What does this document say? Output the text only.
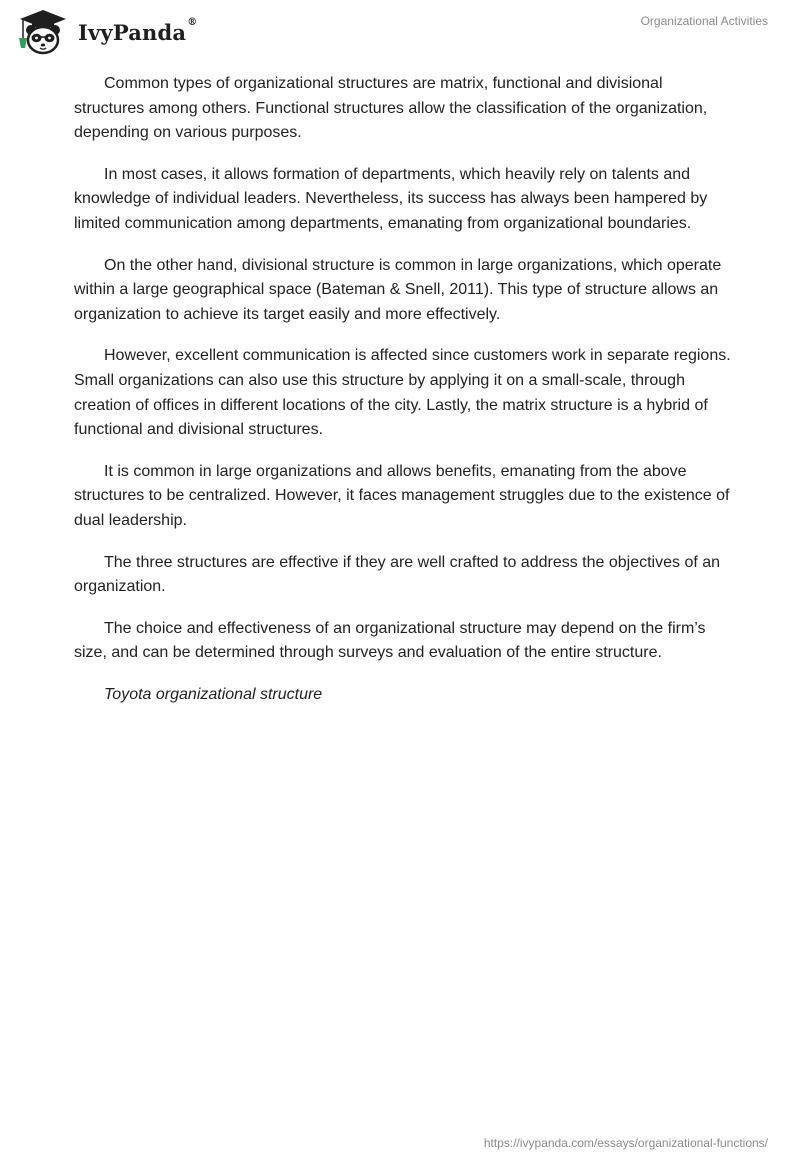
IvyPanda®	Organizational Activities

Common types of organizational structures are matrix, functional and divisional structures among others. Functional structures allow the classification of the organization, depending on various purposes.

In most cases, it allows formation of departments, which heavily rely on talents and knowledge of individual leaders. Nevertheless, its success has always been hampered by limited communication among departments, emanating from organizational boundaries.

On the other hand, divisional structure is common in large organizations, which operate within a large geographical space (Bateman & Snell, 2011). This type of structure allows an organization to achieve its target easily and more effectively.

However, excellent communication is affected since customers work in separate regions. Small organizations can also use this structure by applying it on a small-scale, through creation of offices in different locations of the city. Lastly, the matrix structure is a hybrid of functional and divisional structures.

It is common in large organizations and allows benefits, emanating from the above structures to be centralized. However, it faces management struggles due to the existence of dual leadership.

The three structures are effective if they are well crafted to address the objectives of an organization.

The choice and effectiveness of an organizational structure may depend on the firm’s size, and can be determined through surveys and evaluation of the entire structure.

Toyota organizational structure

https://ivypanda.com/essays/organizational-functions/
